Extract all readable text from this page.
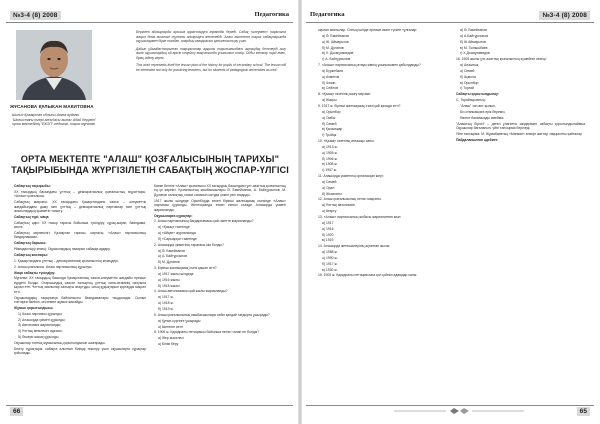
№3-4 (8) 2008	Педагогика
ЖҰСАНОВА ҚҰЛЫКАН МАКИТОВНА
Шығыс Қазақстан облысы Аягөз ауданы "Шығыстағы ілгері алғыбасы ашпас Абай берүмін" орта мектебінің "ЕКОП"-педогогі, тарих мұғалімі

Берілген абзацтарды ауызша қарастыруға мүмкіндік береді. Сабақ «әлеумет» тарихына жақын білім ашатын тұлғаны анықтауға жетелейді. Алаш мәселесін тарих сабақтарында оқушылармен бірге талдап, олардың көзқарасын қалыптастыру үшін.

Дайын ұйымдастырылған тақырыптар арқылы тарихымыздағы ақтаңдақ беттерді ашу және оқушылардың ой-өрісін кеңейту мақсатында ұсынылып отыр. Ойды жеткізу оңай емес, бірақ іздену керек.

This work represents itself the lesson plan of the history for pupils of secondary school. The lesson will be interested not only for practicing teachers, but for students of pedagogical universities as well.

ОРТА МЕКТЕПТЕ "АЛАШ" ҚОЗҒАЛЫСЫНЫҢ ТАРИХЫ"
ТАҚЫРЫБЫНДА ЖҮРГІЗІЛЕТІН САБАҚТЫҢ ЖОСПАР-ҮЛГІСІ

Сабақтың тақырыбы:

ХХ ғасырдың басындағы ұлттық – демократиялық қозғалыстың мұраттары. «Алаш» қозғалысы.

Сабақтың мақсаты: ХХ ғасырдағы Қазақстандағы саяси – әлеуметтік жағдайындағы даму мен ұлттық – демократиялық партиялар мен ұлттық зиялылардың қызметін таныту.

Сабақтың түрі: жаңа

Сабақтың әдісі: ХХ ғасыр тарихы бойынша түсіндіру, сұрақ-жауап, баяндама, кесте.

Сабақтың көрнекілігі: Қазақстан тарихы, картасы, «Алаш» партиясының бағдарламасы.

Сабақтың барысы:

Ұйымдастыру кезеңі: Оқушылардың назарын сабаққа аудару.

Сабақтың жоспары:

1. Қазақстандағы ұлттық – демократиялық қозғалыстың кезеңдері.

2. Алаш қозғалысы. Алаш партиясының құрылуы.

Жаңа сабақты түсіндіру:

Мұғалім: ХХ ғасырдың басында Қазақстанның саяси-әлеуметтік жағдайы ерекше күрделі болды. Отаршылдық саясат халықтың ұлттық сана-сезімінің оянуына ықпал етті. Ұлттық зиялылар халықты ағартуды, оның құқықтарын қорғауды мақсат етті.

Оқушылардың тақырыпқа байланысты баяндамалары тыңдалады. Сынып топтарға бөлініп, кестемен жұмыс жасайды.

Жұмыс қорытындысы:

1) Алаш партиясы құрылды;

2) Алашорда үкіметі құрылды;

3) Автономия жарияланды;

4) Ұлттық мемлекет идеясы;

5) Әскери жасақ құрылды.

Оқушылар топтық жұмысының қорытындысын шығарады.

Бекіту сұрақтары: сабақта алынған білімді тексеру үшін оқушыларға сұрақтар қойылады.

Көпке белгілі «Алаш» қозғалысы ХХ ғасырдың басындағы ұлт-азаттық қозғалыстың ең ірі көрінісі. Қозғалыстың көшбасшылары Ә. Бөкейханов, А. Байтұрсынов, М. Дулатов халықтың саяси санасын оятуда үлкен рөл атқарды.

1917 жылы шілдеде Орынборда өткен бірінші жалпықазақ съезінде «Алаш» партиясы құрылды. Желтоқсанда өткен екінші съезде Алашорда үкіметі жарияланды.

Оқушыларға сұрақтар:

1. Алаш партиясының бағдарламасы қай газетте жарияланды?

а) «Қазақ» газетінде

ә) «Айқап» журналында

б) «Сарыарқа» газетінде

2. Алашорда үкіметінің төрағасы кім болды?

а) Ә. Бөкейханов

ә) А. Байтұрсынов

б) М. Дулатов

3. Бірінші жалпықазақ съезі қашан өтті?

а) 1917 жылы шілдеде

ә) 1916 жылы

б) 1918 жылы

4. Алаш автономиясы қай жылы жарияланды?

а) 1917 ж.

ә) 1918 ж.

б) 1919 ж.

5. Алаш қозғалысының көшбасшылары кейін қандай тағдырға ұшырады?

а) Қуғын-сүргінге ұшырады

ә) Шетелге кетті

6. 1905 ж. Қарқаралы петициясы бойынша негізгі талап не болды?

а) Жер мәселесі

ә) Білім беру

66
Педагогика	№3-4 (8) 2008

оқыған зиялылар. Соның ішінде ерекше көзге түскен тұлғалар:

а) Ә. Бөкейханов

ә) Ж. Аймауытов

б) М. Дулатов

в) Х. Досмұхамедов

г) А. Байтұрсынов

7. «Алаш» партиясының атауы кімнің ұсынысымен қабылданды?

а) Бүркітбаев

ә) Ахметов

б) Чокин

в) Сейітов

8. «Қазақ» газетінің шығу мерзімі:

а) Жақсы

9. 1917 ж. бірінші жалпықазақ съезі қай қалада өтті?

а) Орынбор

ә) Омбы

б) Семей

в) Қызылжар

г) Тройцк

10. «Қазақ» газетінің алғашқы саны:

а) 1913 ж.

ә) 1905 ж.

б) 1906 ж.

в) 1908 ж.

г) 1907 ж.

11. Алашорда үкіметінің орналасқан жері:

а) Семей

ә) Орал

б) Жымпиты

12. Алаш қозғалысының негізгі мақсаты:

а) Ұлттық автономия

ә) Ағарту

13. «Алаш» партиясының жобасы жарияланған жыл:

а) 1917

ә) 1916

б) 1920

в) 1919

14. Алашорда жетекшілерінің ақталған жылы:

а) 1988 ж.

ә) 1990 ж.

б) 1917 ж.

в) 1930 ж.

15. 1905 ж. Қарқаралы петициясына қол қойған адамдар саны:

а) Ә. Бөкейханов

ә) А.Байтұрсынов

б) Ж.Аймауытов

в) М. Тынышбаев

г) Х.Досмұхамедов

16. 1905 жылы ұлт-азаттық қозғалыстың күшейген кезеңі:

а) Алаштық

ә) Семей

б) Ақмола

в) Орынбор

г) Торғай

Сабақты қорытындылау:

С. Торайғыровтың:

"Алаш" тан ант қылып,

Біз отанымызға ерік береміз,

Өзгеге басымызды имейміз.

"Алаштың бірлігі" – деген ұлағатты сөздерімен сабақты қорытындылаймыз. Оқушылар бағаланып, үйге тапсырма беріледі.

Үйге тапсырма: М. Жұмабаевтың «Мағжан» өлеңін жаттау, тақырыпты қайталау.

Пайдаланылған әдебиет:

65
